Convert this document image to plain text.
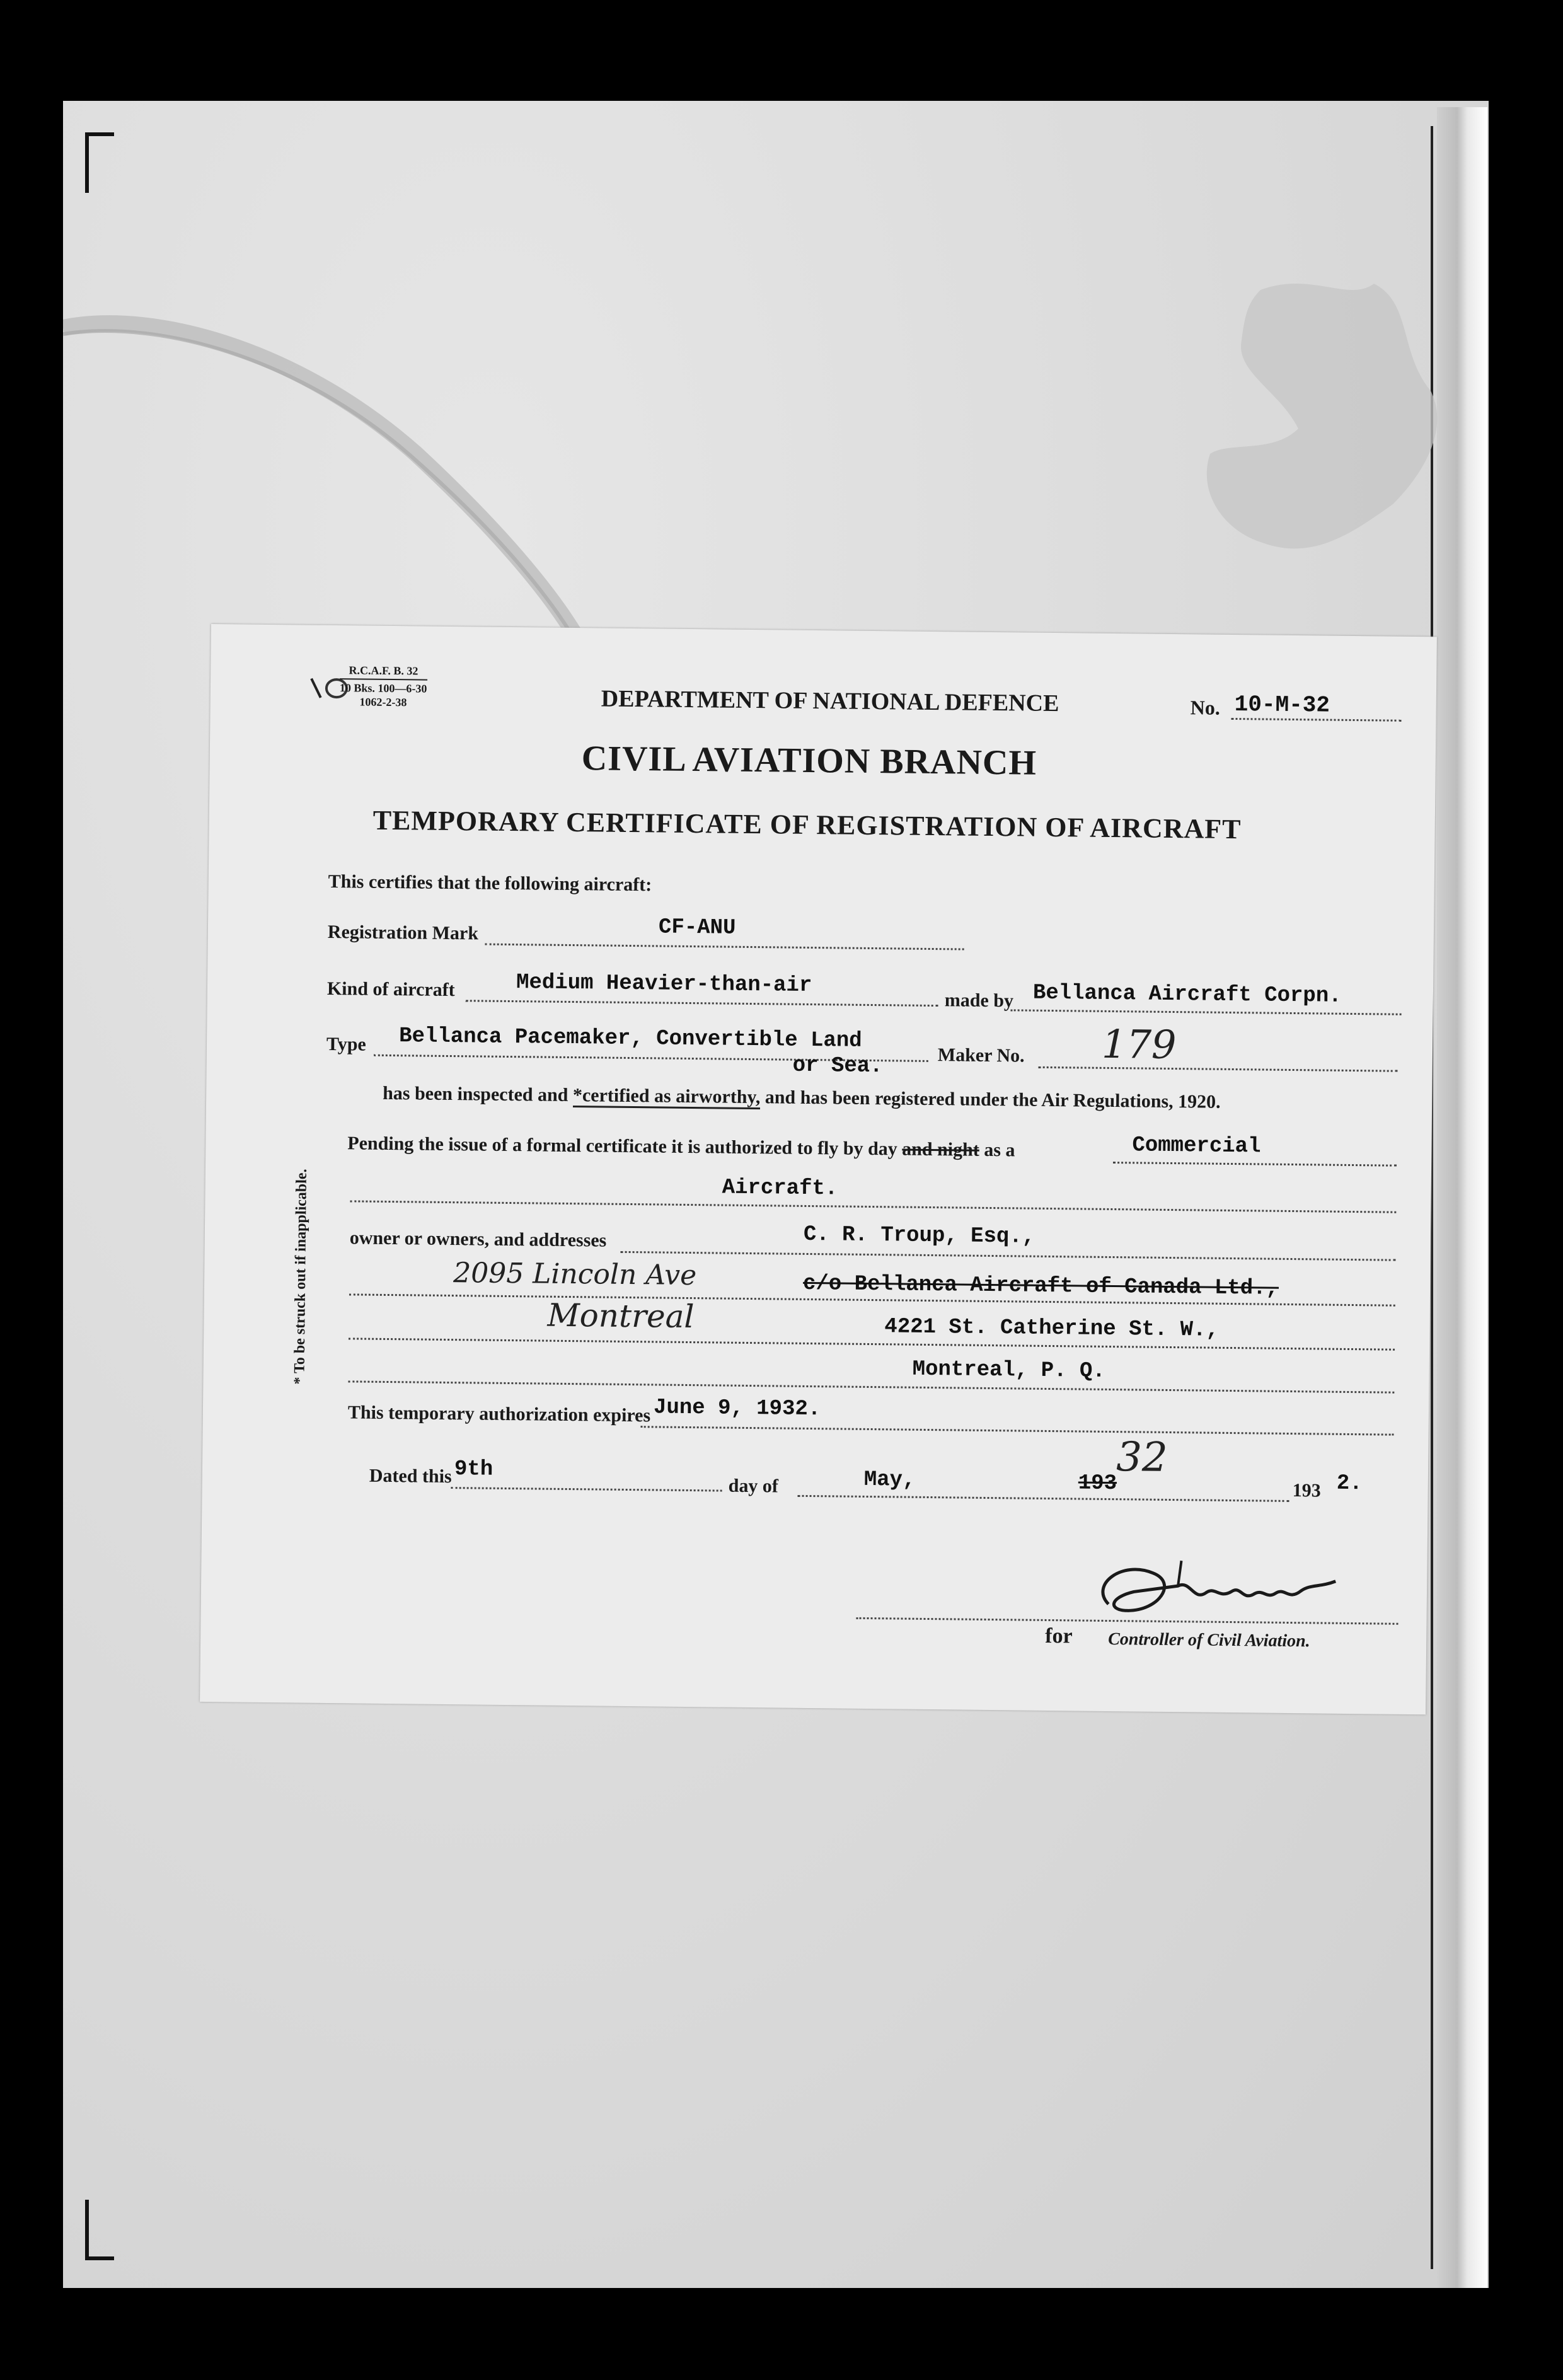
R.C.A.F. B. 32
10 Bks. 100—6-30
1062-2-38	DEPARTMENT OF NATIONAL DEFENCE	No. 10-M-32
CIVIL AVIATION BRANCH
TEMPORARY CERTIFICATE OF REGISTRATION OF AIRCRAFT
This certifies that the following aircraft:
Registration Mark	CF-ANU
Kind of aircraft	Medium Heavier-than-air
made by Bellanca Aircraft Corpn.
Type Bellanca Pacemaker, Convertible Land
or Sea.	Maker No. 179
has been inspected and *certified as airworthy, and has been registered under the Air Regulations, 1920.
Pending the issue of a formal certificate it is authorized to fly by day and night as a	Commercial
Aircraft.
owner or owners, and addresses	C. R. Troup, Esq.,
2095 Lincoln Ave	c/o Bellanca Aircraft of Canada Ltd.,
Montreal	4221 St. Catherine St. W.,
Montreal, P. Q.
This temporary authorization expires June 9, 1932.
Dated this 9th
day of	May,	193
32
193 2.
for Controller of Civil Aviation.
* To be struck out if inapplicable.
